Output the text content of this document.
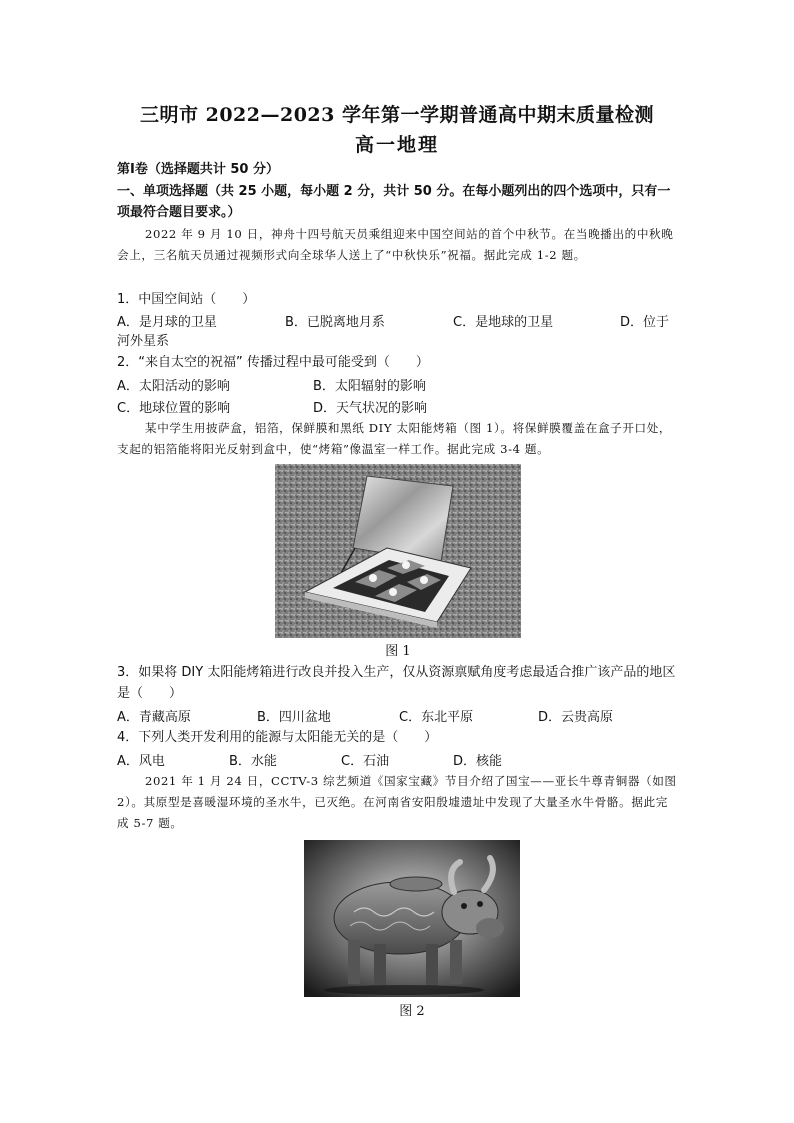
三明市 2022—2023 学年第一学期普通高中期末质量检测
高一地理
第Ⅰ卷（选择题共计 50 分）
一、单项选择题（共 25 小题，每小题 2 分，共计 50 分。在每小题列出的四个选项中，只有一项最符合题目要求。）
2022 年 9 月 10 日，神舟十四号航天员乘组迎来中国空间站的首个中秋节。在当晚播出的中秋晚会上，三名航天员通过视频形式向全球华人送上了“中秋快乐”祝福。据此完成 1-2 题。
1．中国空间站（　　）
A．是月球的卫星	B．已脱离地月系	C．是地球的卫星	D．位于
河外星系
2．“来自太空的祝福” 传播过程中最可能受到（　　）
A．太阳活动的影响	B．太阳辐射的影响
C．地球位置的影响	D．天气状况的影响
某中学生用披萨盒，铝箔，保鲜膜和黑纸 DIY 太阳能烤箱（图 1）。将保鲜膜覆盖在盒子开口处，支起的铝箔能将阳光反射到盒中，使“烤箱”像温室一样工作。据此完成 3-4 题。
图 1
3．如果将 DIY 太阳能烤箱进行改良并投入生产，仅从资源禀赋角度考虑最适合推广该产品的地区是（　　）
A．青藏高原	B．四川盆地	C．东北平原	D．云贵高原
4．下列人类开发利用的能源与太阳能无关的是（　　）
A．风电	B．水能	C．石油	D．核能
2021 年 1 月 24 日，CCTV-3 综艺频道《国家宝藏》节目介绍了国宝——亚长牛尊青铜器（如图 2）。其原型是喜暖湿环境的圣水牛，已灭绝。在河南省安阳殷墟遗址中发现了大量圣水牛骨骼。据此完成 5-7 题。
图 2
